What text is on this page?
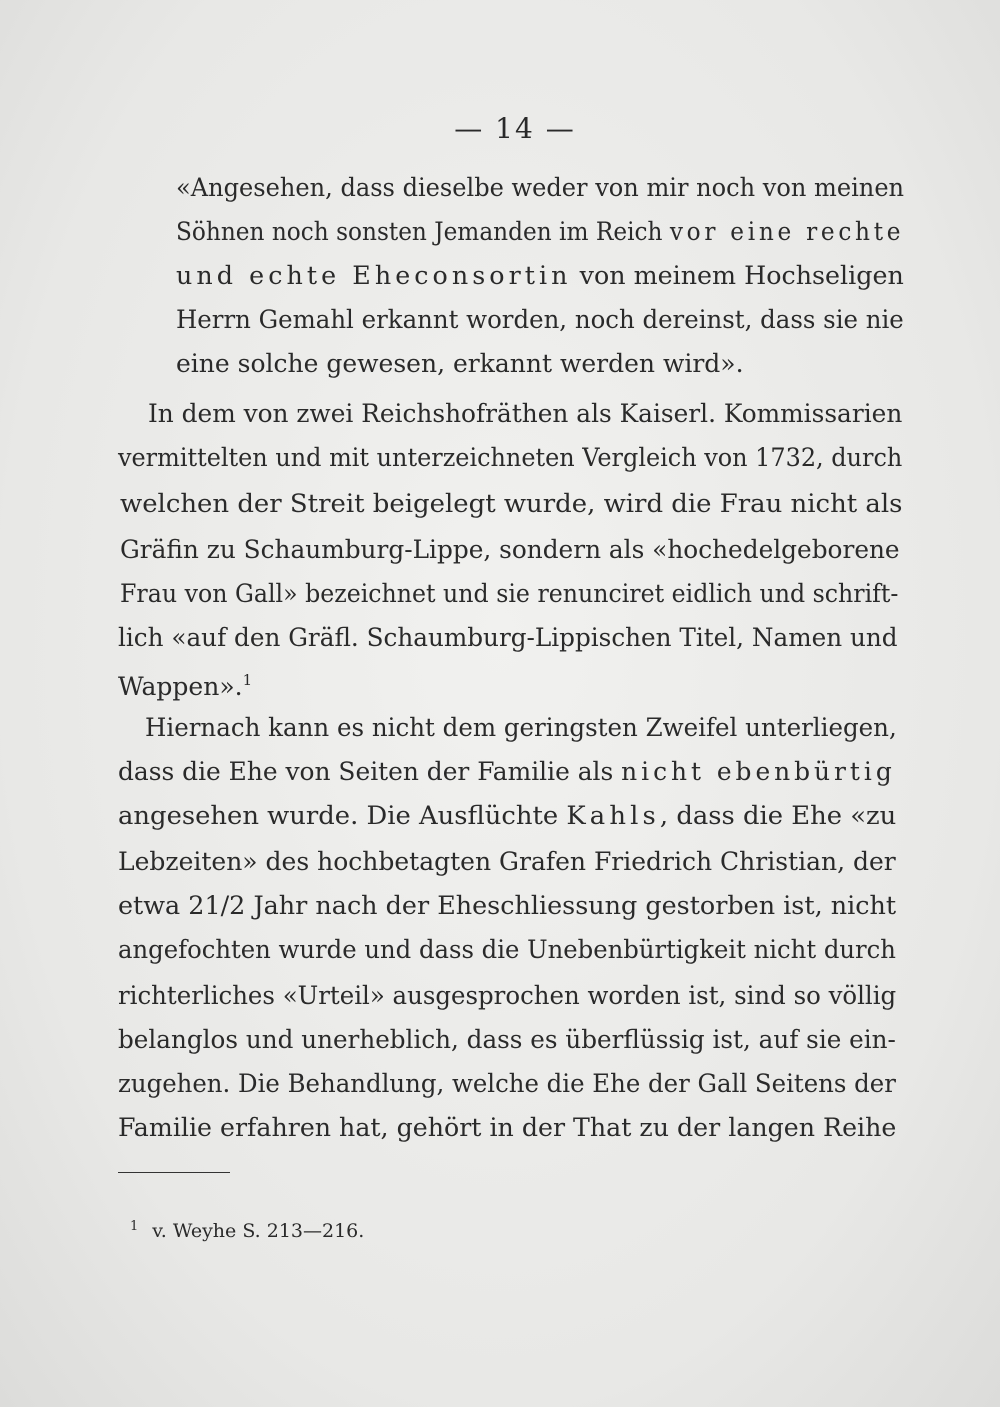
— 14 —
«Angesehen, dass dieselbe weder von mir noch von meinen
Söhnen noch sonsten Jemanden im Reich vor eine rechte
und echte Eheconsortin von meinem Hochseligen
Herrn Gemahl erkannt worden, noch dereinst, dass sie nie
eine solche gewesen, erkannt werden wird».
In dem von zwei Reichshofräthen als Kaiserl. Kommissarien
vermittelten und mit unterzeichneten Vergleich von 1732, durch
welchen der Streit beigelegt wurde, wird die Frau nicht als
Gräfin zu Schaumburg-Lippe, sondern als «hochedelgeborene
Frau von Gall» bezeichnet und sie renunciret eidlich und schrift-
lich «auf den Gräfl. Schaumburg-Lippischen Titel, Namen und
Wappen».$^1$
Hiernach kann es nicht dem geringsten Zweifel unterliegen,
dass die Ehe von Seiten der Familie als nicht ebenbürtig
angesehen wurde. Die Ausflüchte Kahls, dass die Ehe «zu
Lebzeiten» des hochbetagten Grafen Friedrich Christian, der
etwa 21/2 Jahr nach der Eheschliessung gestorben ist, nicht
angefochten wurde und dass die Unebenbürtigkeit nicht durch
richterliches «Urteil» ausgesprochen worden ist, sind so völlig
belanglos und unerheblich, dass es überflüssig ist, auf sie ein-
zugehen. Die Behandlung, welche die Ehe der Gall Seitens der
Familie erfahren hat, gehört in der That zu der langen Reihe
$^1$ v. Weyhe S. 213—216.
